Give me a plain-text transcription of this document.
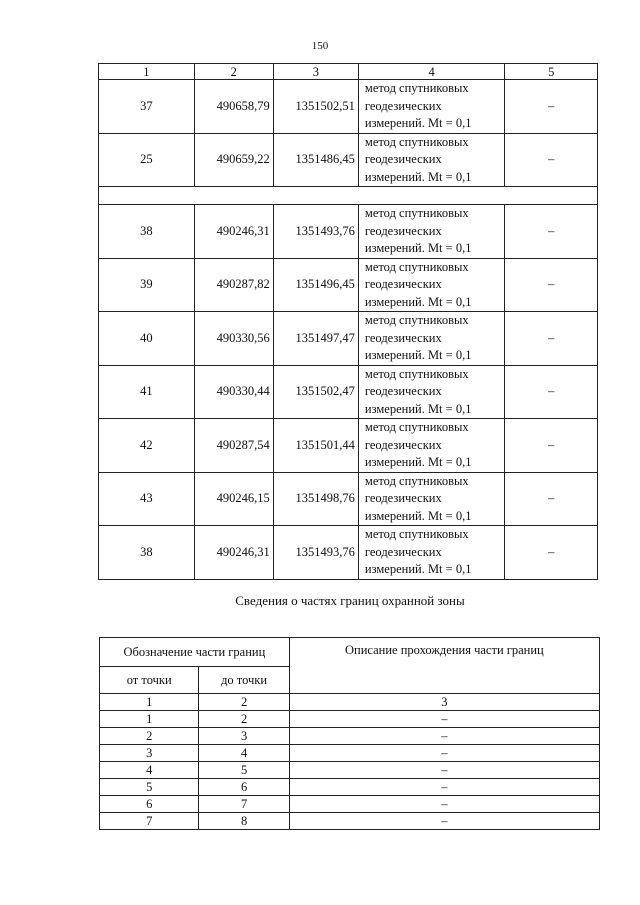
150
1	2	3	4	5
37	490658,79	1351502,51	метод спутниковых
геодезических
измерений. Mt = 0,1	–
25	490659,22	1351486,45	метод спутниковых
геодезических
измерений. Mt = 0,1	–

38	490246,31	1351493,76	метод спутниковых
геодезических
измерений. Mt = 0,1	–
39	490287,82	1351496,45	метод спутниковых
геодезических
измерений. Mt = 0,1	–
40	490330,56	1351497,47	метод спутниковых
геодезических
измерений. Mt = 0,1	–
41	490330,44	1351502,47	метод спутниковых
геодезических
измерений. Mt = 0,1	–
42	490287,54	1351501,44	метод спутниковых
геодезических
измерений. Mt = 0,1	–
43	490246,15	1351498,76	метод спутниковых
геодезических
измерений. Mt = 0,1	–
38	490246,31	1351493,76	метод спутниковых
геодезических
измерений. Mt = 0,1	–
Сведения о частях границ охранной зоны
Обозначение части границ		Описание прохождения части границ
от точки	до точки	
1	2	3
1	2	–
2	3	–
3	4	–
4	5	–
5	6	–
6	7	–
7	8	–
